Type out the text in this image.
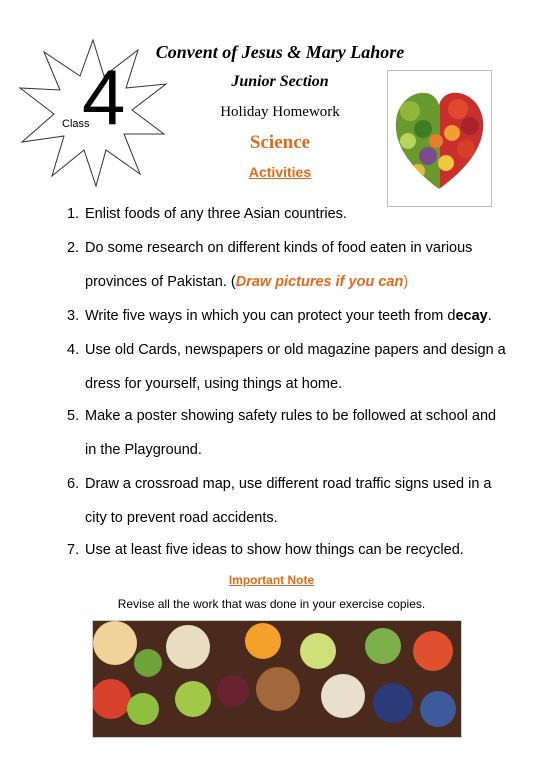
Class
4
Convent of Jesus & Mary Lahore
Junior Section
Holiday Homework
Science
Activities
1. Enlist foods of any three Asian countries.
2. Do some research on different kinds of food eaten in various
provinces of Pakistan. (Draw pictures if you can)
3. Write five ways in which you can protect your teeth from decay.
4. Use old Cards, newspapers or old magazine papers and design a
dress for yourself, using things at home.
5. Make a poster showing safety rules to be followed at school and
in the Playground.
6. Draw a crossroad map, use different road traffic signs used in a
city to prevent road accidents.
7. Use at least five ideas to show how things can be recycled.
Important Note
Revise all the work that was done in your exercise copies.
